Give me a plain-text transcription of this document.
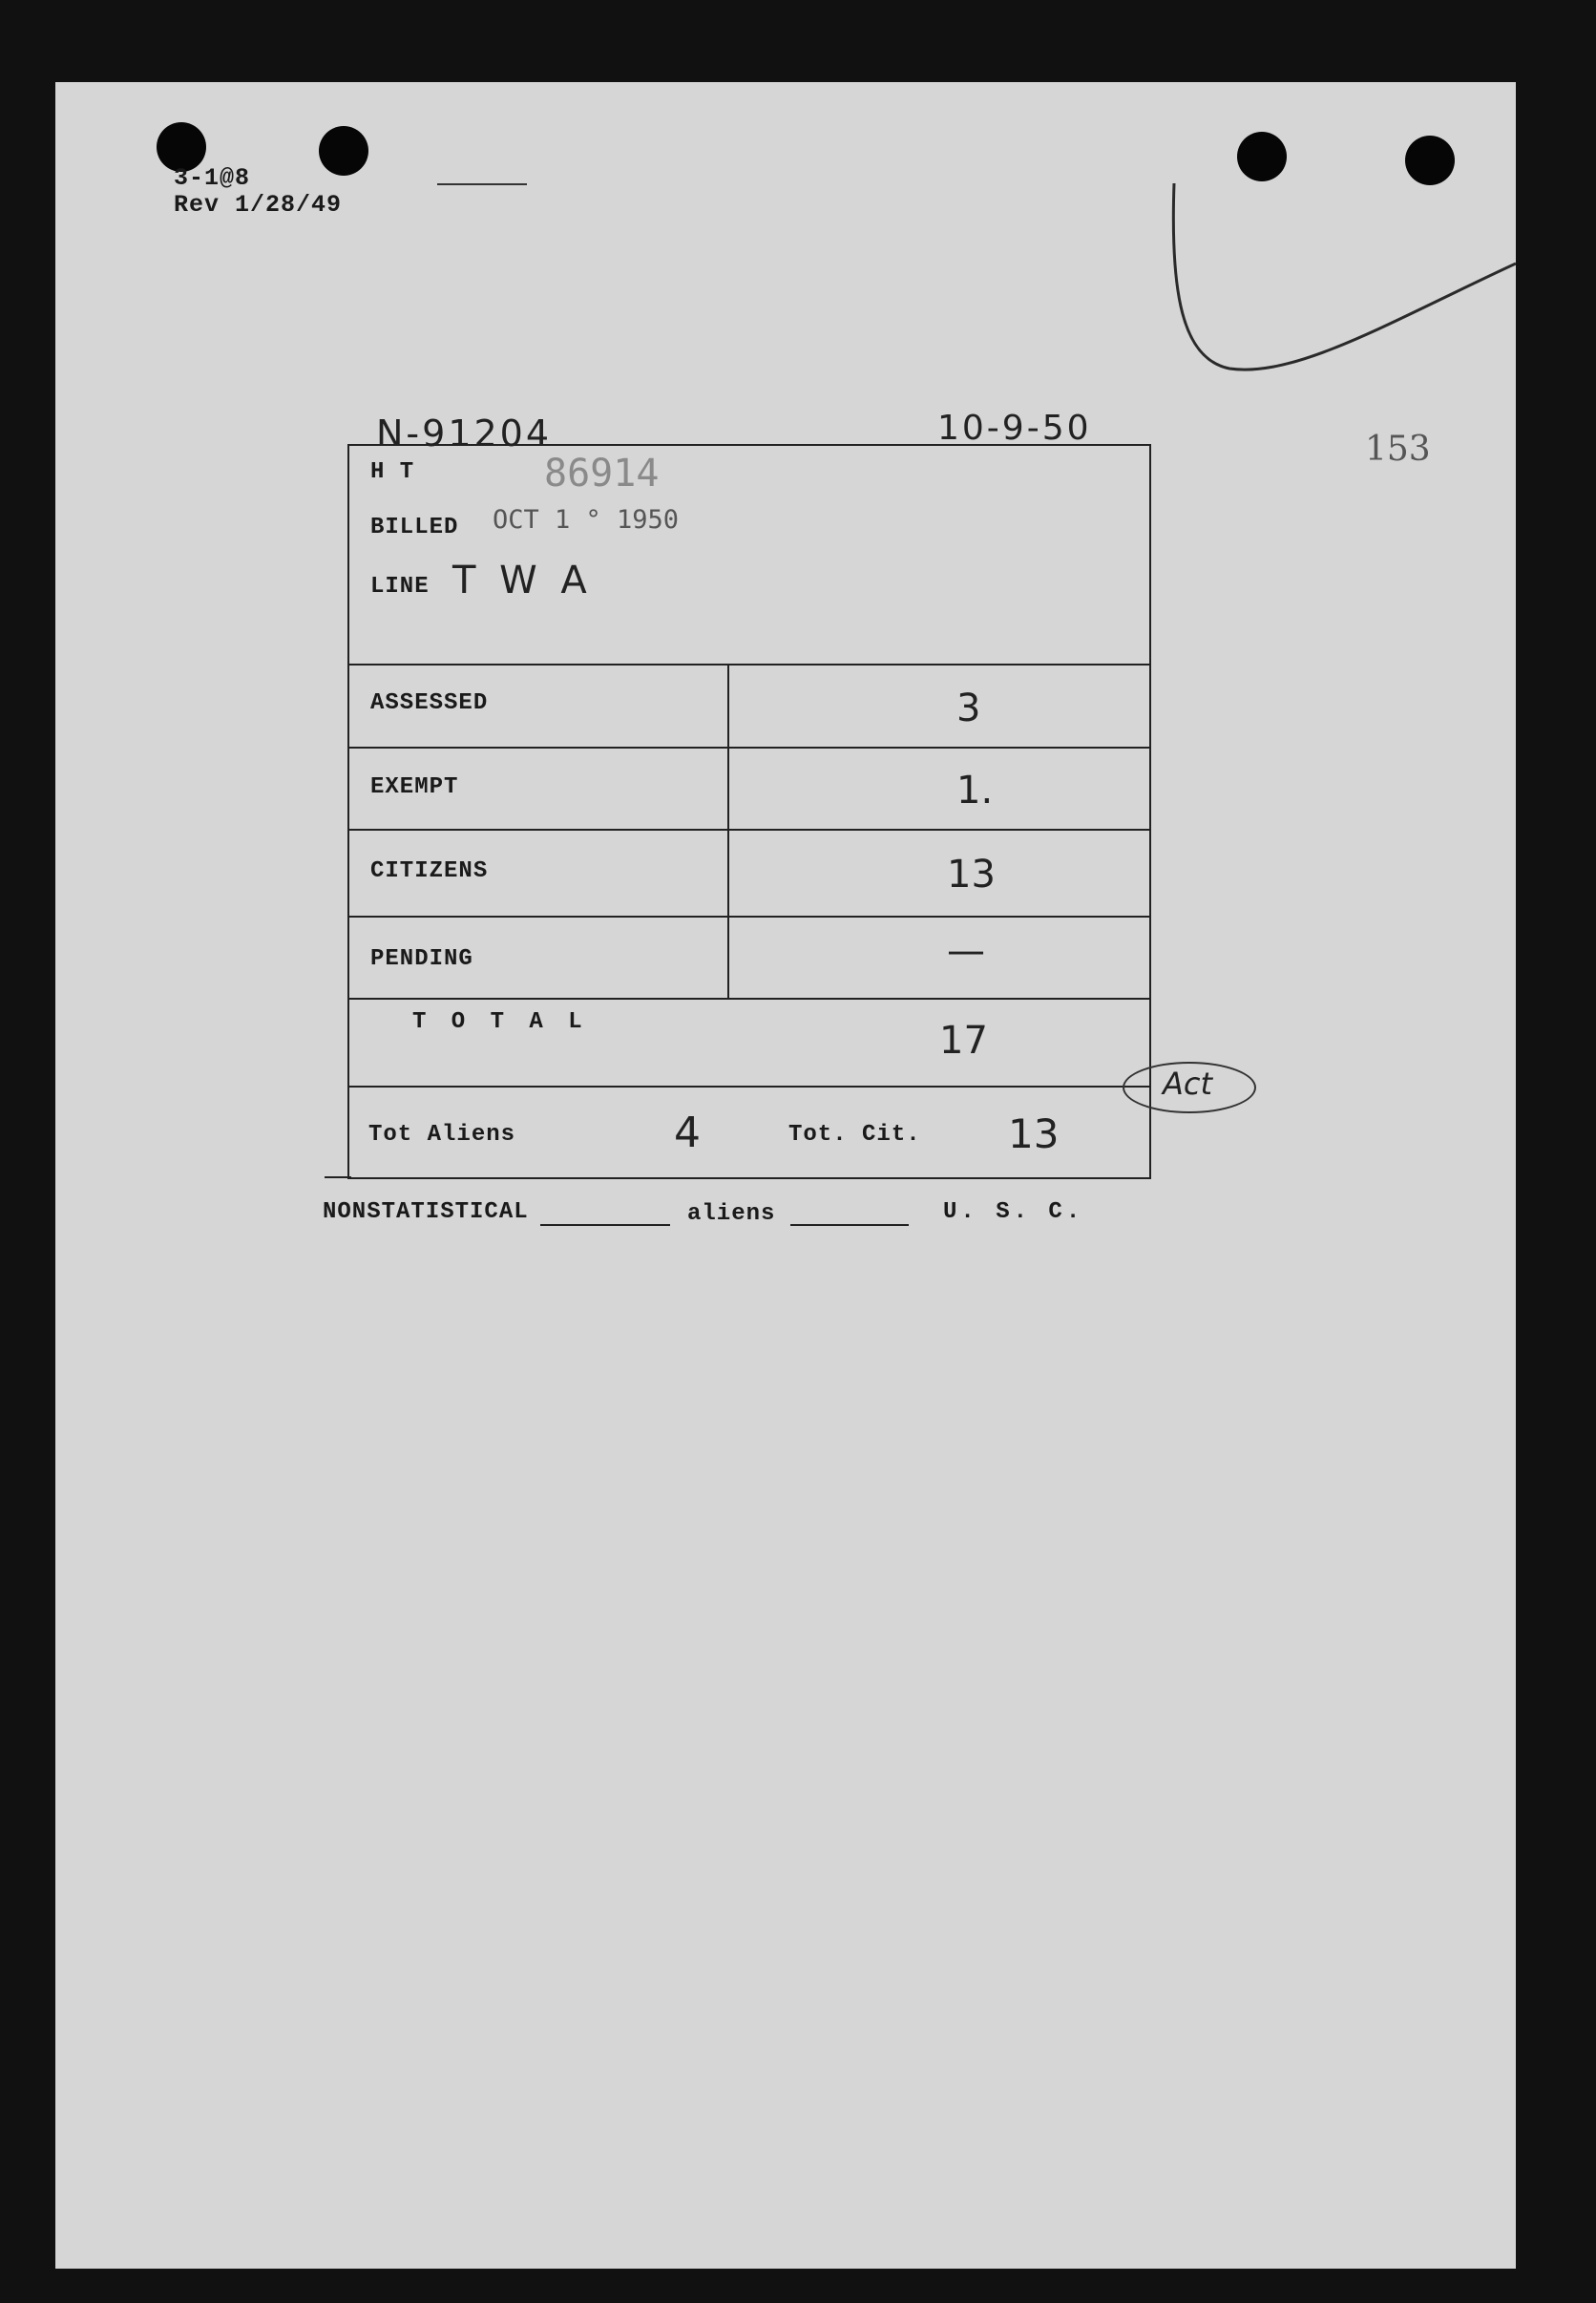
3-1@8
Rev 1/28/49
N-91204	10-9-50
153
H T	86914
BILLED OCT 1 ° 1950
LINE T W A
ASSESSED	3
EXEMPT	1.
CITIZENS	13
PENDING	—
T O T A L	17
Tot Aliens	4	Tot. Cit. 13
Act
NONSTATISTICAL	aliens	U. S. C.
